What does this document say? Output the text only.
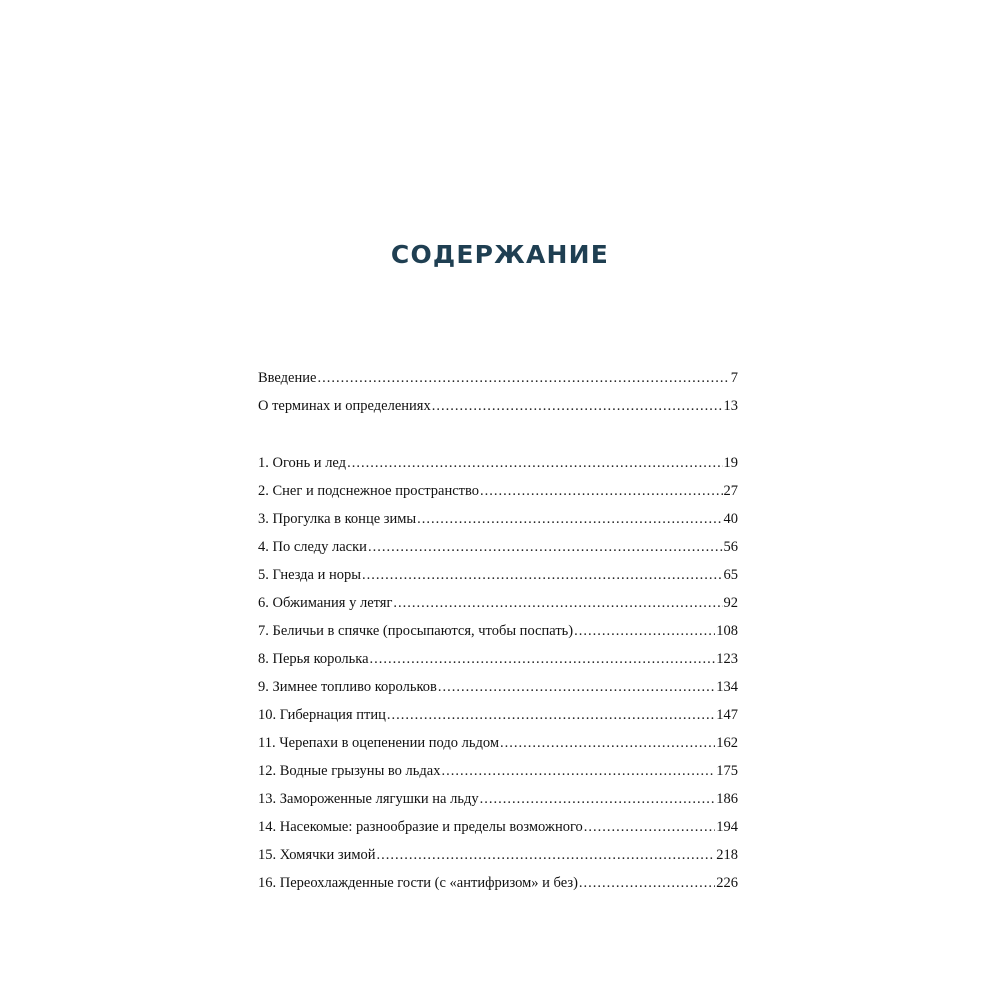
СОДЕРЖАНИЕ
Введение .....	7
О терминах и определениях .....	13
1. Огонь и лед .....	19
2. Снег и подснежное пространство .....	27
3. Прогулка в конце зимы .....	40
4. По следу ласки .....	56
5. Гнезда и норы .....	65
6. Обжимания у летяг .....	92
7. Беличьи в спячке (просыпаются, чтобы поспать) .....	108
8. Перья королька .....	123
9. Зимнее топливо корольков .....	134
10. Гибернация птиц .....	147
11. Черепахи в оцепенении подо льдом .....	162
12. Водные грызуны во льдах .....	175
13. Замороженные лягушки на льду .....	186
14. Насекомые: разнообразие и пределы возможного .....	194
15. Хомячки зимой .....	218
16. Переохлажденные гости (с «антифризом» и без) .....	226
